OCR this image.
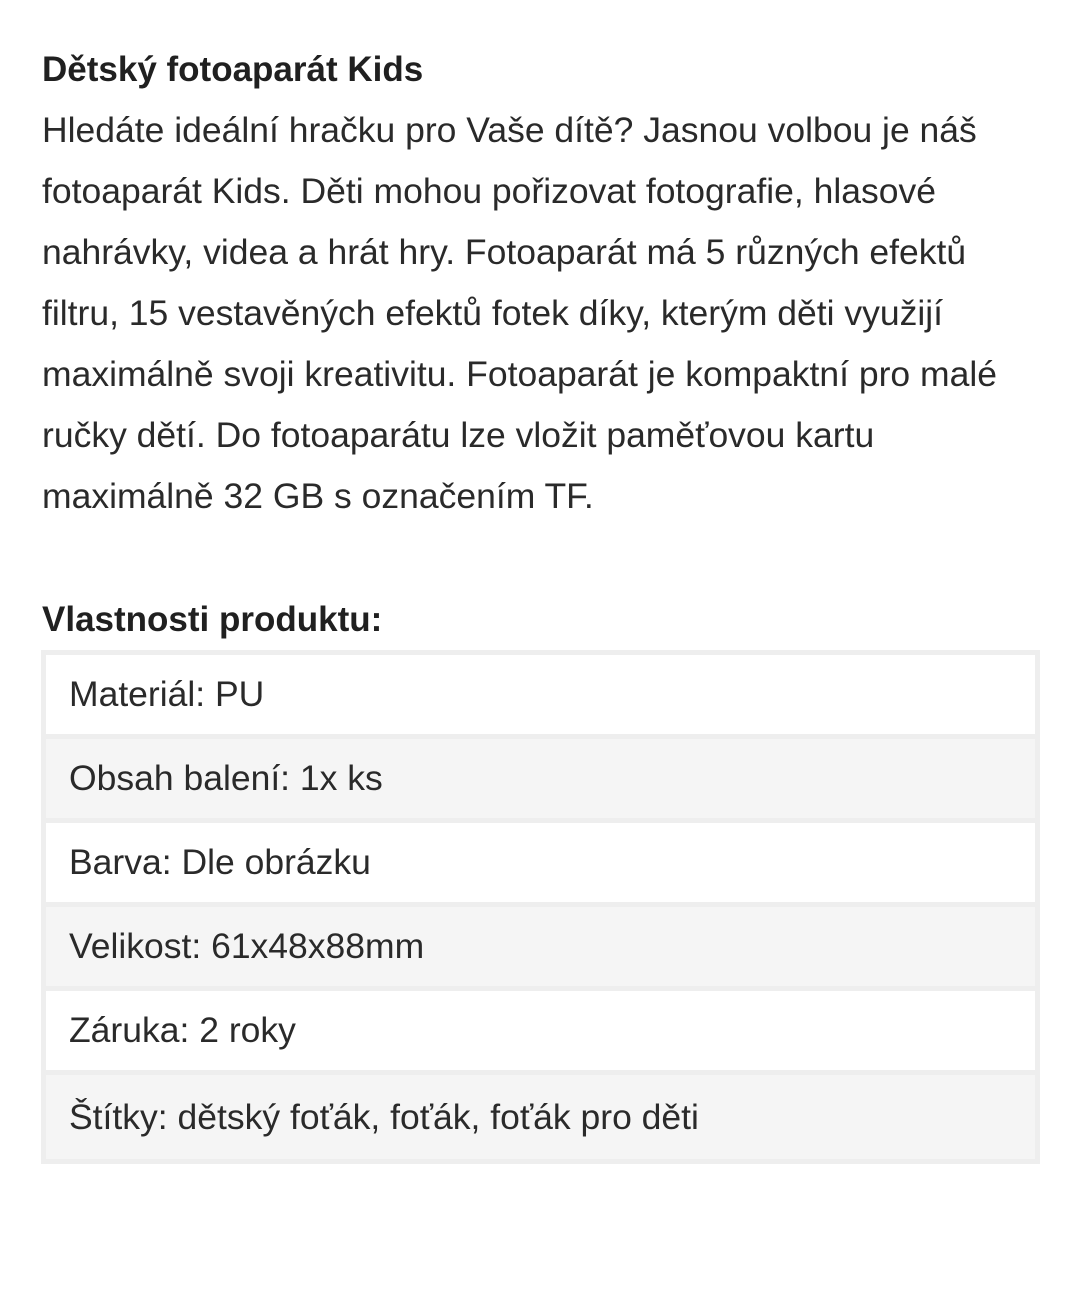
Dětský fotoaparát Kids

Hledáte ideální hračku pro Vaše dítě? Jasnou volbou je náš fotoaparát Kids. Děti mohou pořizovat fotografie, hlasové nahrávky, videa a hrát hry. Fotoaparát má 5 různých efektů filtru, 15 vestavěných efektů fotek díky, kterým děti využijí maximálně svoji kreativitu. Fotoaparát je kompaktní pro malé ručky dětí. Do fotoaparátu lze vložit paměťovou kartu maximálně 32 GB s označením TF.

Vlastnosti produktu:
Materiál: PU
Obsah balení: 1x ks
Barva: Dle obrázku
Velikost: 61x48x88mm
Záruka: 2 roky
Štítky: dětský foťák, foťák, foťák pro děti
